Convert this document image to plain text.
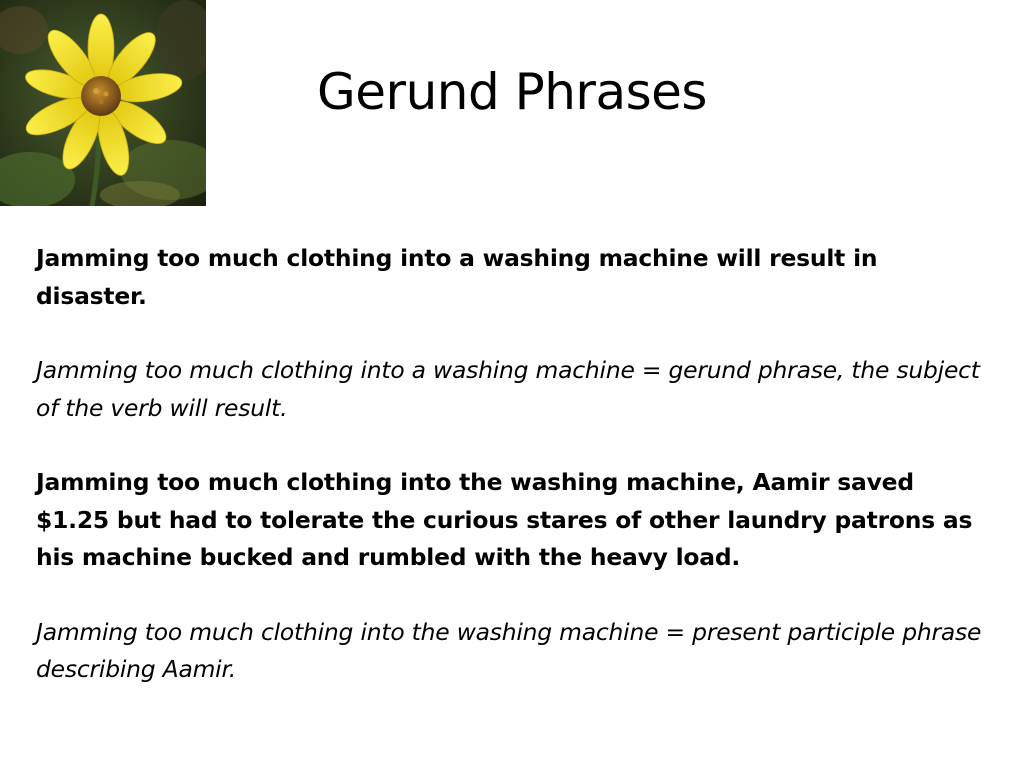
Gerund Phrases

Jamming too much clothing into a washing machine will result in disaster.

Jamming too much clothing into a washing machine = gerund phrase, the subject of the verb will result.

Jamming too much clothing into the washing machine, Aamir saved $1.25 but had to tolerate the curious stares of other laundry patrons as his machine bucked and rumbled with the heavy load.

Jamming too much clothing into the washing machine = present participle phrase describing Aamir.
